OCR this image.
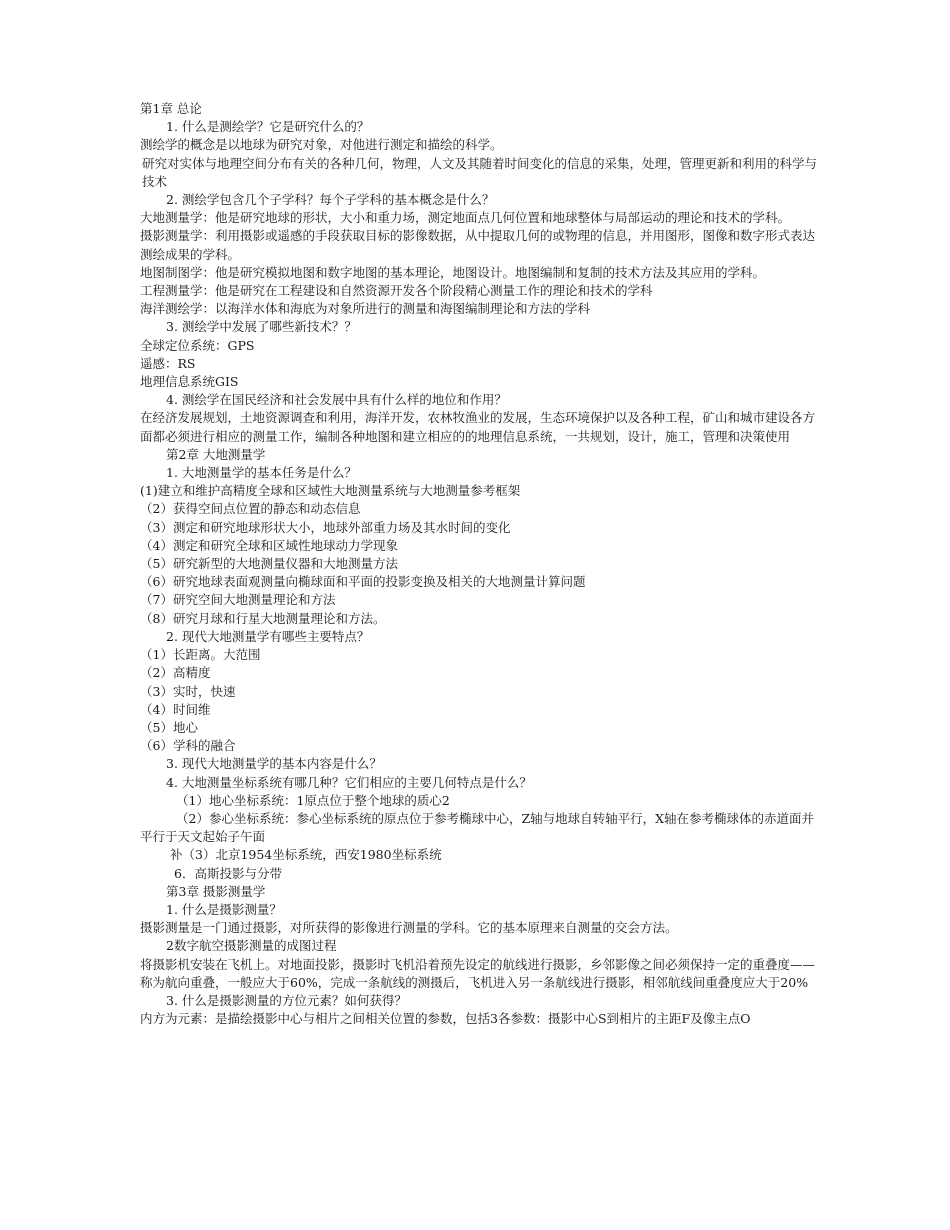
第1章 总论
1. 什么是测绘学？它是研究什么的？
测绘学的概念是以地球为研究对象，对他进行测定和描绘的科学。
研究对实体与地理空间分布有关的各种几何，物理，人文及其随着时间变化的信息的采集，处理，管理更新和利用的科学与技术
2. 测绘学包含几个子学科？每个子学科的基本概念是什么？
大地测量学：他是研究地球的形状，大小和重力场，测定地面点几何位置和地球整体与局部运动的理论和技术的学科。
摄影测量学：利用摄影或遥感的手段获取目标的影像数据，从中提取几何的或物理的信息，并用图形，图像和数字形式表达测绘成果的学科。
地图制图学：他是研究模拟地图和数字地图的基本理论，地图设计。地图编制和复制的技术方法及其应用的学科。
工程测量学：他是研究在工程建设和自然资源开发各个阶段精心测量工作的理论和技术的学科
海洋测绘学：以海洋水体和海底为对象所进行的测量和海图编制理论和方法的学科
3. 测绘学中发展了哪些新技术？？
全球定位系统：GPS
遥感：RS
地理信息系统GIS
4. 测绘学在国民经济和社会发展中具有什么样的地位和作用？
在经济发展规划，土地资源调查和利用，海洋开发，农林牧渔业的发展，生态环境保护以及各种工程，矿山和城市建设各方面都必须进行相应的测量工作，编制各种地图和建立相应的的地理信息系统，一共规划，设计，施工，管理和决策使用
第2章 大地测量学
1. 大地测量学的基本任务是什么？
(1)建立和维护高精度全球和区域性大地测量系统与大地测量参考框架
（2）获得空间点位置的静态和动态信息
（3）测定和研究地球形状大小，地球外部重力场及其水时间的变化
（4）测定和研究全球和区域性地球动力学现象
（5）研究新型的大地测量仪器和大地测量方法
（6）研究地球表面观测量向椭球面和平面的投影变换及相关的大地测量计算问题
（7）研究空间大地测量理论和方法
（8）研究月球和行星大地测量理论和方法。
2. 现代大地测量学有哪些主要特点？
（1）长距离。大范围
（2）高精度
（3）实时，快速
（4）时间维
（5）地心
（6）学科的融合
3. 现代大地测量学的基本内容是什么？
4. 大地测量坐标系统有哪几种？它们相应的主要几何特点是什么？
（1）地心坐标系统：1原点位于整个地球的质心2
（2）参心坐标系统：参心坐标系统的原点位于参考椭球中心，Z轴与地球自转轴平行，X轴在参考椭球体的赤道面并平行于天文起始子午面
补（3）北京1954坐标系统，西安1980坐标系统
6．高斯投影与分带
第3章 摄影测量学
1. 什么是摄影测量？
摄影测量是一门通过摄影，对所获得的影像进行测量的学科。它的基本原理来自测量的交会方法。
2数字航空摄影测量的成图过程
将摄影机安装在飞机上。对地面投影，摄影时飞机沿着预先设定的航线进行摄影，乡邻影像之间必须保持一定的重叠度——称为航向重叠，一般应大于60%，完成一条航线的测摄后，飞机进入另一条航线进行摄影，相邻航线间重叠度应大于20%
3. 什么是摄影测量的方位元素？如何获得？
内方为元素：是描绘摄影中心与相片之间相关位置的参数，包括3各参数：摄影中心S到相片的主距F及像主点O
